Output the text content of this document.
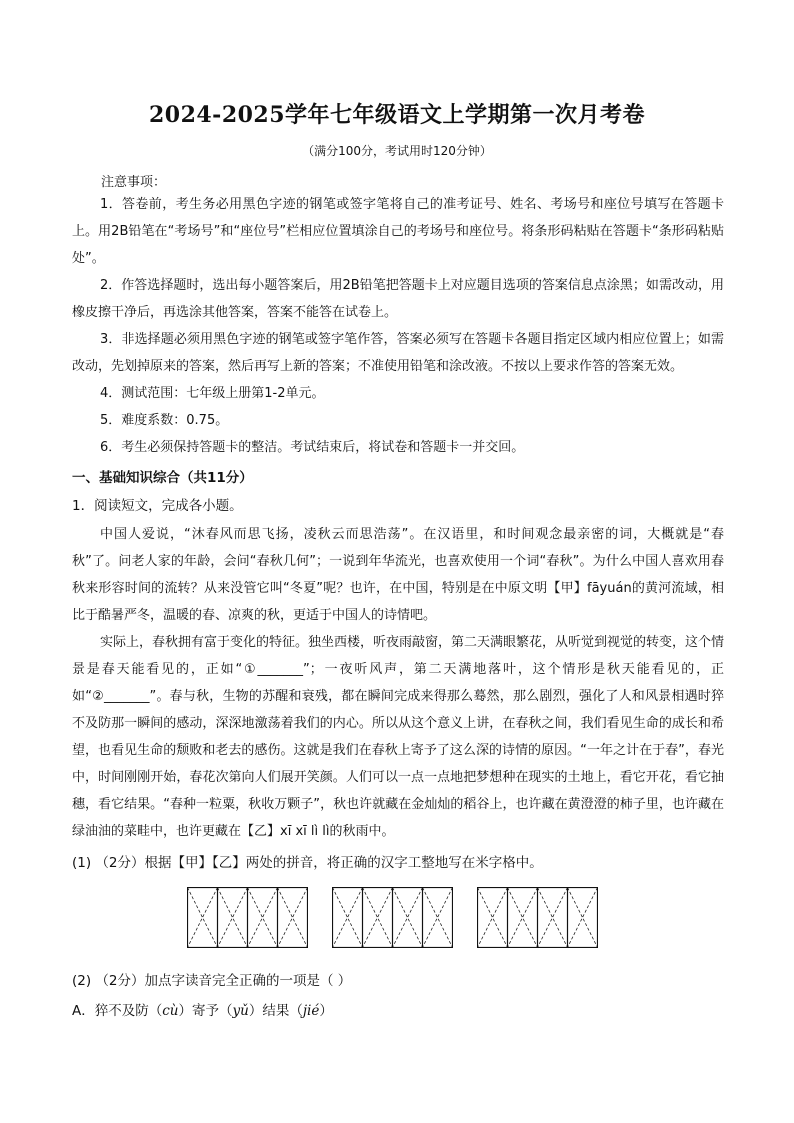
2024-2025学年七年级语文上学期第一次月考卷
（满分100分，考试用时120分钟）
注意事项：

1．答卷前，考生务必用黑色字迹的钢笔或签字笔将自己的准考证号、姓名、考场号和座位号填写在答题卡上。用2B铅笔在“考场号”和“座位号”栏相应位置填涂自己的考场号和座位号。将条形码粘贴在答题卡“条形码粘贴处”。

2．作答选择题时，选出每小题答案后，用2B铅笔把答题卡上对应题目选项的答案信息点涂黑；如需改动，用橡皮擦干净后，再选涂其他答案，答案不能答在试卷上。

3．非选择题必须用黑色字迹的钢笔或签字笔作答，答案必须写在答题卡各题目指定区域内相应位置上；如需改动，先划掉原来的答案，然后再写上新的答案；不准使用铅笔和涂改液。不按以上要求作答的答案无效。

4．测试范围：七年级上册第1-2单元。

5．难度系数：0.75。

6．考生必须保持答题卡的整洁。考试结束后，将试卷和答题卡一并交回。

一、基础知识综合（共11分）
1．阅读短文，完成各小题。

中国人爱说，“沐春风而思飞扬，凌秋云而思浩荡”。在汉语里，和时间观念最亲密的词，大概就是“春秋”了。问老人家的年龄，会问“春秋几何”；一说到年华流光，也喜欢使用一个词“春秋”。为什么中国人喜欢用春秋来形容时间的流转？从来没管它叫“冬夏”呢？也许，在中国，特别是在中原文明【甲】fāyuán的黄河流域，相比于酷暑严冬，温暖的春、凉爽的秋，更适于中国人的诗情吧。

实际上，春秋拥有富于变化的特征。独坐西楼，听夜雨敲窗，第二天满眼繁花，从听觉到视觉的转变，这个情景是春天能看见的，正如“①_______”；一夜听风声，第二天满地落叶，这个情形是秋天能看见的，正如“②_______”。春与秋，生物的苏醒和衰残，都在瞬间完成来得那么蓦然，那么剧烈，强化了人和风景相遇时猝不及防那一瞬间的感动，深深地激荡着我们的内心。所以从这个意义上讲，在春秋之间，我们看见生命的成长和希望，也看见生命的颓败和老去的感伤。这就是我们在春秋上寄予了这么深的诗情的原因。“一年之计在于春”，春光中，时间刚刚开始，春花次第向人们展开笑颜。人们可以一点一点地把梦想种在现实的土地上，看它开花，看它抽穗，看它结果。“春种一粒粟，秋收万颗子”，秋也许就藏在金灿灿的稻谷上，也许藏在黄澄澄的柿子里，也许藏在绿油油的菜畦中，也许更藏在【乙】xī xī lì lì的秋雨中。

(1) （2分）根据【甲】【乙】两处的拼音，将正确的汉字工整地写在米字格中。
(2) （2分）加点字读音完全正确的一项是（ ）
A．猝不及防（cù）寄予（yǔ）结果（jié）
